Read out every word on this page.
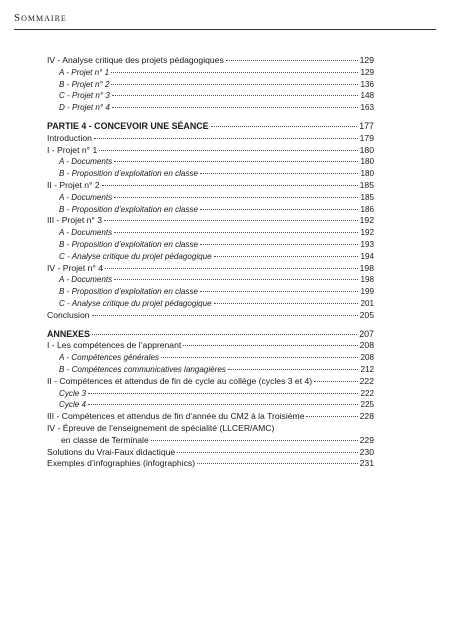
Sommaire
IV - Analyse critique des projets pédagogiques	129
A - Projet n° 1	129
B - Projet n° 2	136
C - Projet n° 3	148
D - Projet n° 4	163
PARTIE 4 - CONCEVOIR UNE SÉANCE	177
Introduction	179
I - Projet n° 1	180
A - Documents	180
B - Proposition d’exploitation en classe	180
II - Projet n° 2	185
A - Documents	185
B - Proposition d’exploitation en classe	186
III - Projet n° 3	192
A - Documents	192
B - Proposition d’exploitation en classe	193
C - Analyse critique du projet pédagogique	194
IV - Projet n° 4	198
A - Documents	198
B - Proposition d’exploitation en classe	199
C - Analyse critique du projet pédagogique	201
Conclusion	205
ANNEXES	207
I - Les compétences de l’apprenant	208
A - Compétences générales	208
B - Compétences communicatives langagières	212
II - Compétences et attendus de fin de cycle au collège (cycles 3 et 4)	222
Cycle 3	222
Cycle 4	225
III - Compétences et attendus de fin d’année du CM2 à la Troisième	228
IV - Épreuve de l’enseignement de spécialité (LLCER/AMC)
en classe de Terminale	229
Solutions du Vrai-Faux didactique	230
Exemples d’infographies (infographics)	231
